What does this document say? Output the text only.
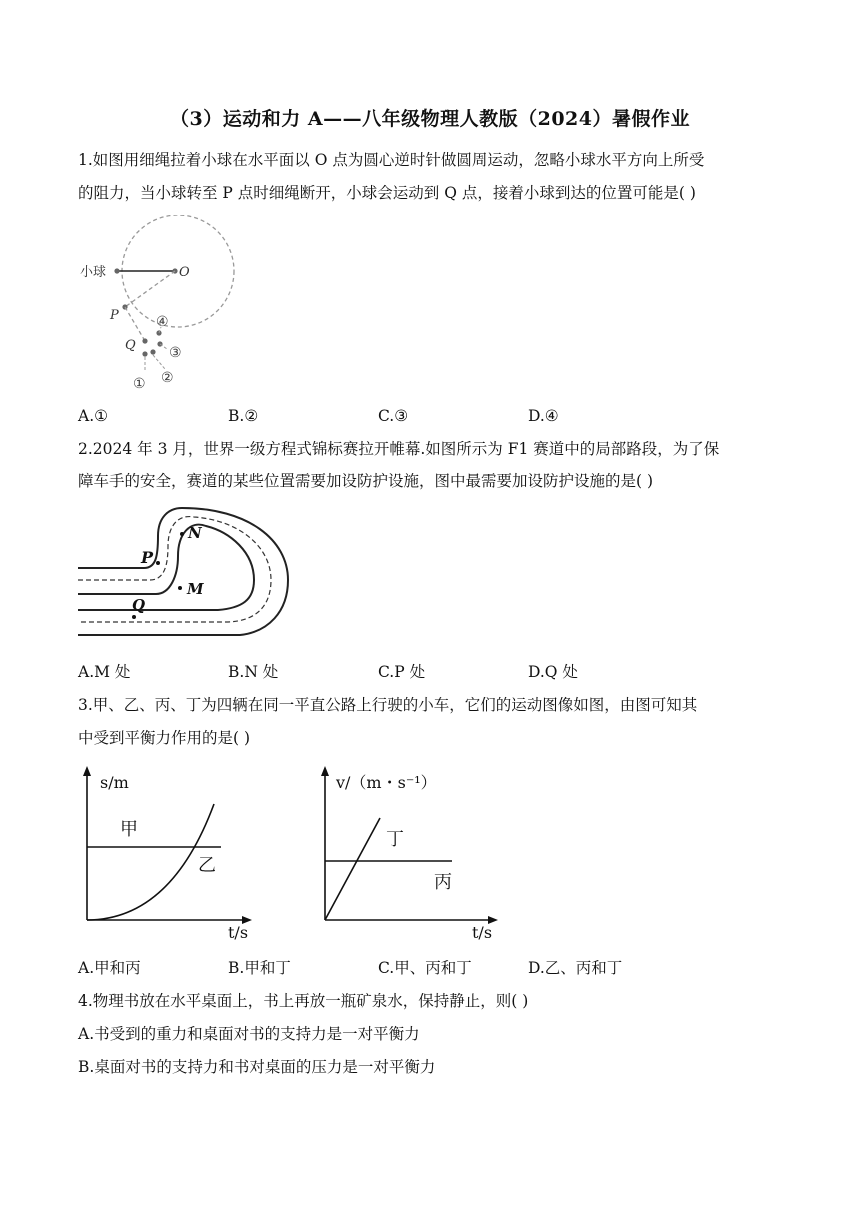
（3）运动和力 A——八年级物理人教版（2024）暑假作业
1.如图用细绳拉着小球在水平面以 O 点为圆心逆时针做圆周运动，忽略小球水平方向上所受
的阻力，当小球转至 P 点时细绳断开，小球会运动到 Q 点，接着小球到达的位置可能是( )
小球	O
P
Q
④
③
②
①
A.①	B.②	C.③	D.④
2.2024 年 3 月，世界一级方程式锦标赛拉开帷幕.如图所示为 F1 赛道中的局部路段，为了保
障车手的安全，赛道的某些位置需要加设防护设施，图中最需要加设防护设施的是( )
P
N
M
Q
A.M 处	B.N 处	C.P 处	D.Q 处
3.甲、乙、丙、丁为四辆在同一平直公路上行驶的小车，它们的运动图像如图，由图可知其
中受到平衡力作用的是( )
s/m
t/s
甲
乙
v/（m・s⁻¹）
t/s
丁
丙
A.甲和丙	B.甲和丁	C.甲、丙和丁	D.乙、丙和丁
4.物理书放在水平桌面上，书上再放一瓶矿泉水，保持静止，则( )
A.书受到的重力和桌面对书的支持力是一对平衡力
B.桌面对书的支持力和书对桌面的压力是一对平衡力
